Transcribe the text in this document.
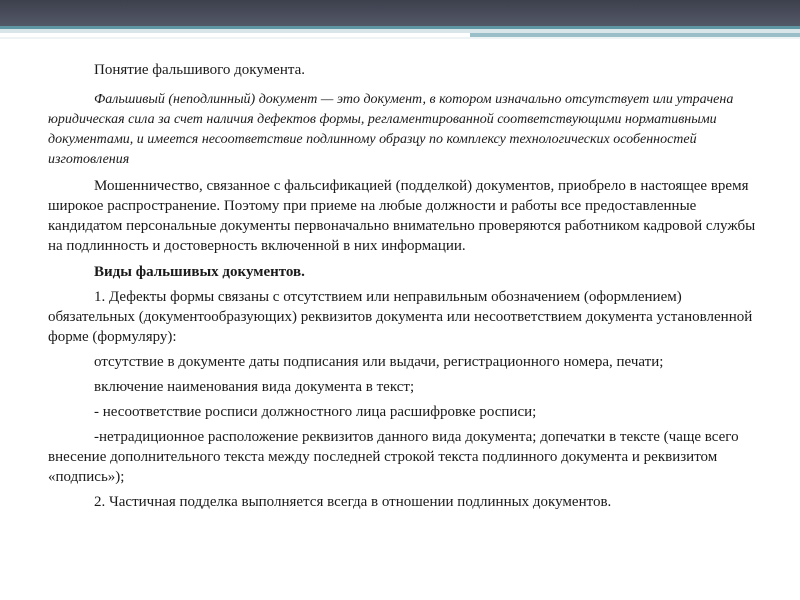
Понятие фальшивого документа.

Фальшивый (неподлинный) документ — это документ, в котором изначально отсутствует или утрачена юридическая сила за счет наличия дефектов формы, регламентированной соответствующими нормативными документами, и имеется несоответствие подлинному образцу по комплексу технологических особенностей изготовления

Мошенничество, связанное с фальсификацией (подделкой) документов, приобрело в настоящее время широкое распространение. Поэтому при приеме на любые должности и работы все предоставленные кандидатом персональные документы первоначально внимательно проверяются работником кадровой службы на подлинность и достоверность включенной в них информации.

Виды фальшивых документов.

1. Дефекты формы связаны с отсутствием или неправильным обозначением (оформлением) обязательных (документообразующих) реквизитов документа или несоответствием документа установленной форме (формуляру):

отсутствие в документе даты подписания или выдачи, регистрационного номера, печати;

включение наименования вида документа в текст;

- несоответствие росписи должностного лица расшифровке росписи;

-нетрадиционное расположение реквизитов данного вида документа; допечатки в тексте (чаще всего внесение дополнительного текста между последней строкой текста подлинного документа и реквизитом «подпись»);

2. Частичная подделка выполняется всегда в отношении подлинных документов.
